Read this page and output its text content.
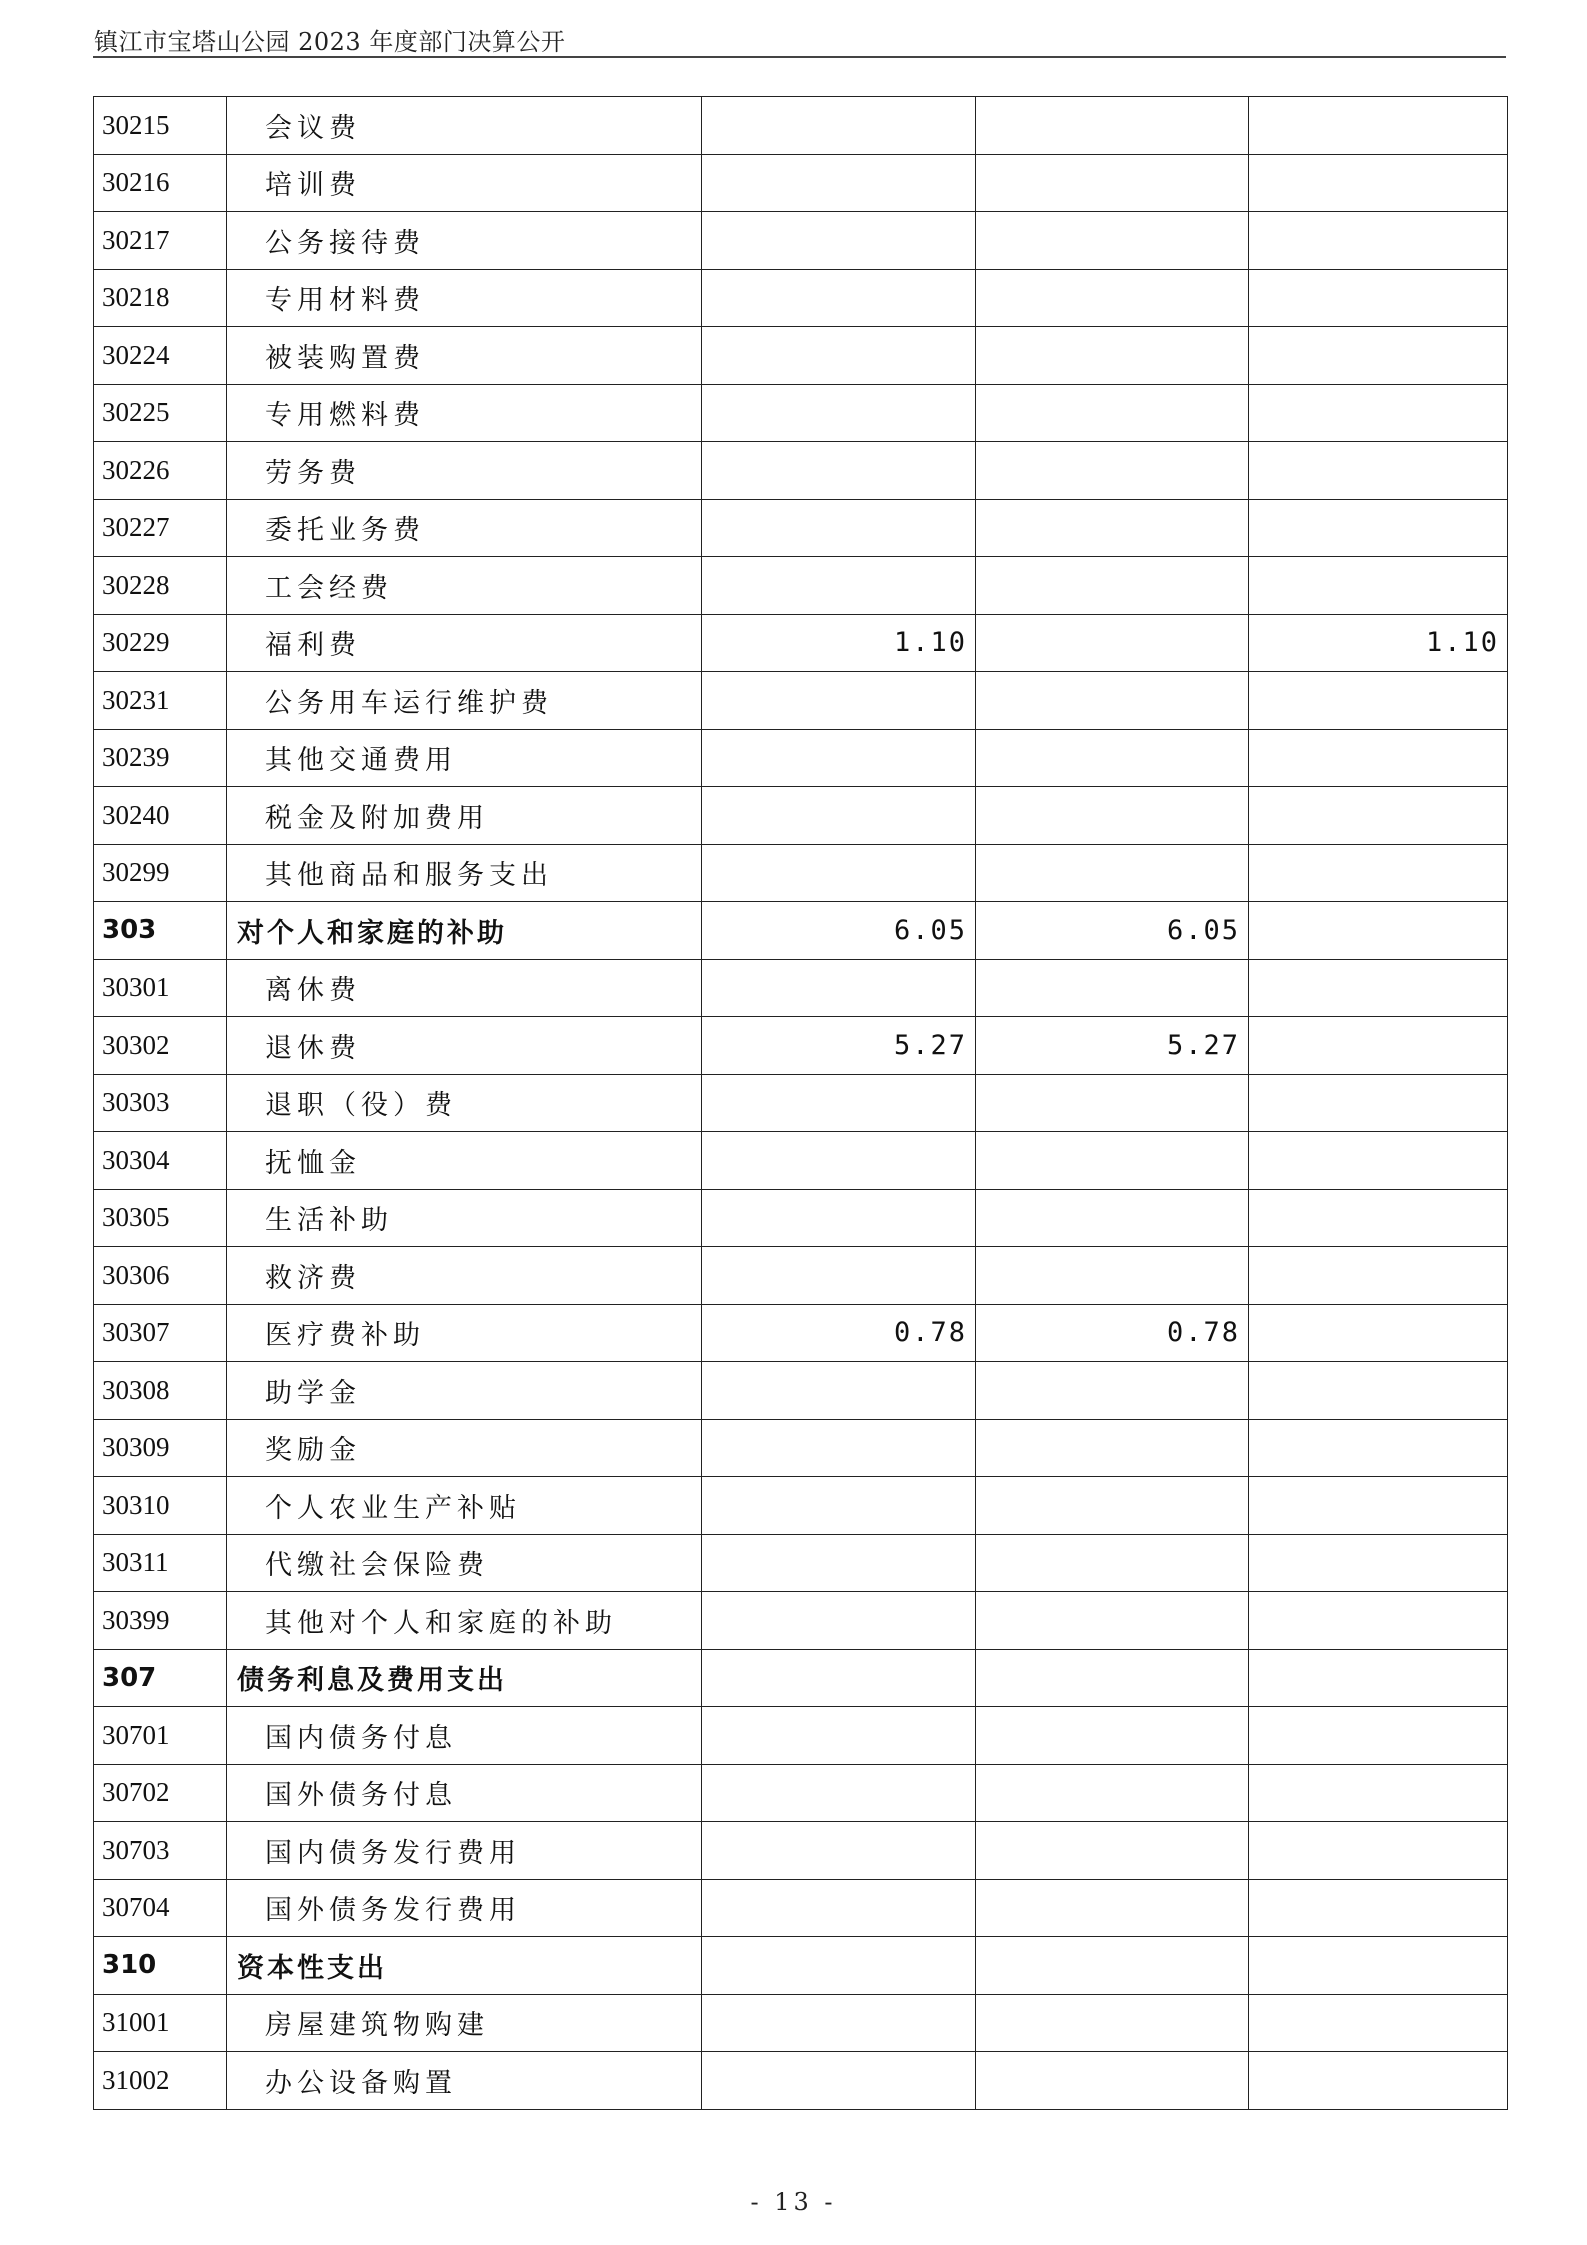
镇江市宝塔山公园 2023 年度部门决算公开
30215	会议费			
30216	培训费			
30217	公务接待费			
30218	专用材料费			
30224	被装购置费			
30225	专用燃料费			
30226	劳务费			
30227	委托业务费			
30228	工会经费			
30229	福利费	1.10		1.10
30231	公务用车运行维护费			
30239	其他交通费用			
30240	税金及附加费用			
30299	其他商品和服务支出			
303	对个人和家庭的补助	6.05	6.05	
30301	离休费			
30302	退休费	5.27	5.27	
30303	退职（役）费			
30304	抚恤金			
30305	生活补助			
30306	救济费			
30307	医疗费补助	0.78	0.78	
30308	助学金			
30309	奖励金			
30310	个人农业生产补贴			
30311	代缴社会保险费			
30399	其他对个人和家庭的补助			
307	债务利息及费用支出			
30701	国内债务付息			
30702	国外债务付息			
30703	国内债务发行费用			
30704	国外债务发行费用			
310	资本性支出			
31001	房屋建筑物购建			
31002	办公设备购置			
- 13 -
